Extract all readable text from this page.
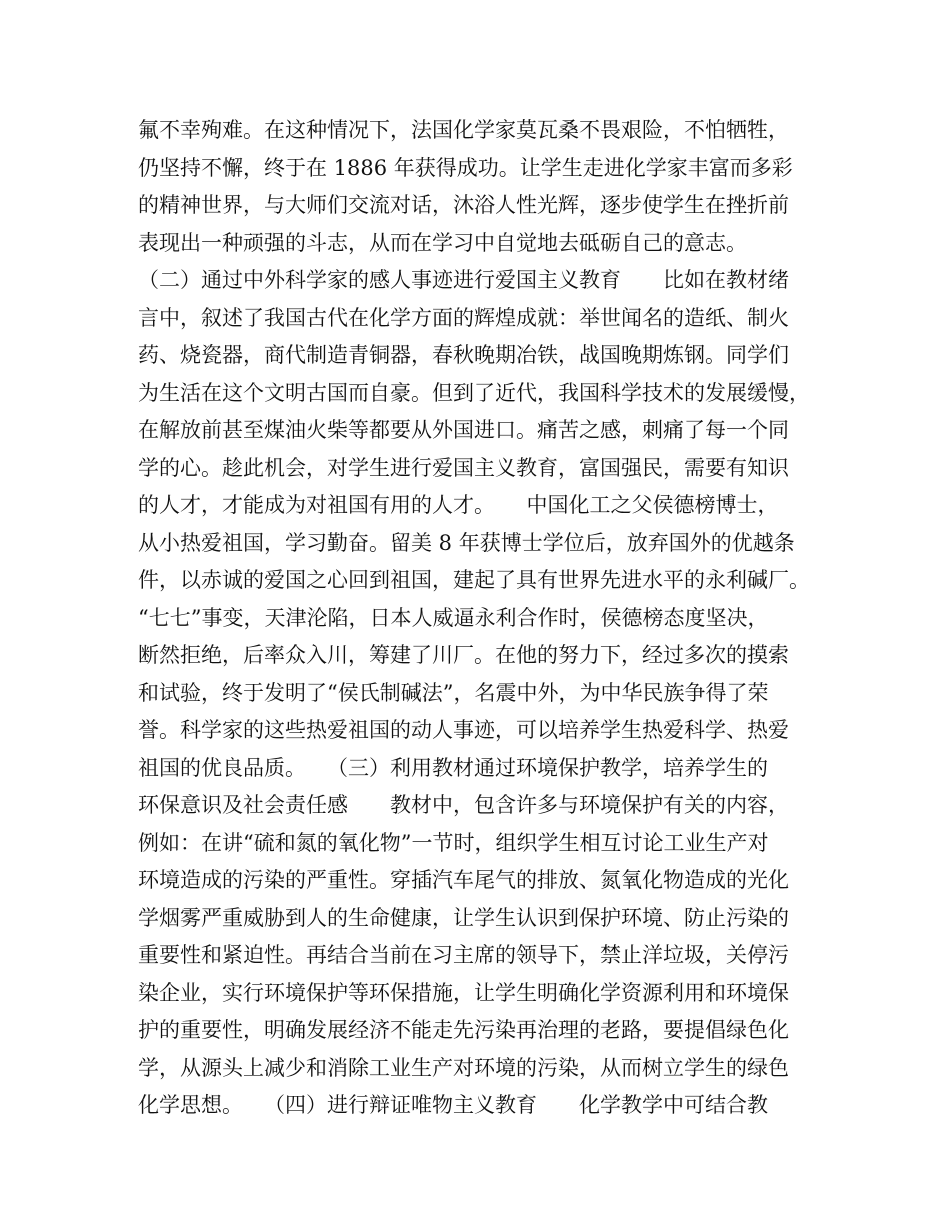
氟不幸殉难。在这种情况下，法国化学家莫瓦桑不畏艰险，不怕牺牲，
仍坚持不懈，终于在 1886 年获得成功。让学生走进化学家丰富而多彩
的精神世界，与大师们交流对话，沐浴人性光辉，逐步使学生在挫折前
表现出一种顽强的斗志，从而在学习中自觉地去砥砺自己的意志。
（二）通过中外科学家的感人事迹进行爱国主义教育　　比如在教材绪
言中，叙述了我国古代在化学方面的辉煌成就：举世闻名的造纸、制火
药、烧瓷器，商代制造青铜器，春秋晚期冶铁，战国晚期炼钢。同学们
为生活在这个文明古国而自豪。但到了近代，我国科学技术的发展缓慢，
在解放前甚至煤油火柴等都要从外国进口。痛苦之感，刺痛了每一个同
学的心。趁此机会，对学生进行爱国主义教育，富国强民，需要有知识
的人才，才能成为对祖国有用的人才。　　中国化工之父侯德榜博士，
从小热爱祖国，学习勤奋。留美 8 年获博士学位后，放弃国外的优越条
件，以赤诚的爱国之心回到祖国，建起了具有世界先进水平的永利碱厂。
“七七”事变，天津沦陷，日本人威逼永利合作时，侯德榜态度坚决，
断然拒绝，后率众入川，筹建了川厂。在他的努力下，经过多次的摸索
和试验，终于发明了“侯氏制碱法”，名震中外，为中华民族争得了荣
誉。科学家的这些热爱祖国的动人事迹，可以培养学生热爱科学、热爱
祖国的优良品质。　　（三）利用教材通过环境保护教学，培养学生的
环保意识及社会责任感　　教材中，包含许多与环境保护有关的内容，
例如：在讲“硫和氮的氧化物”一节时，组织学生相互讨论工业生产对
环境造成的污染的严重性。穿插汽车尾气的排放、氮氧化物造成的光化
学烟雾严重威胁到人的生命健康，让学生认识到保护环境、防止污染的
重要性和紧迫性。再结合当前在习主席的领导下，禁止洋垃圾，关停污
染企业，实行环境保护等环保措施，让学生明确化学资源利用和环境保
护的重要性，明确发展经济不能走先污染再治理的老路，要提倡绿色化
学，从源头上减少和消除工业生产对环境的污染，从而树立学生的绿色
化学思想。　　（四）进行辩证唯物主义教育　　化学教学中可结合教
